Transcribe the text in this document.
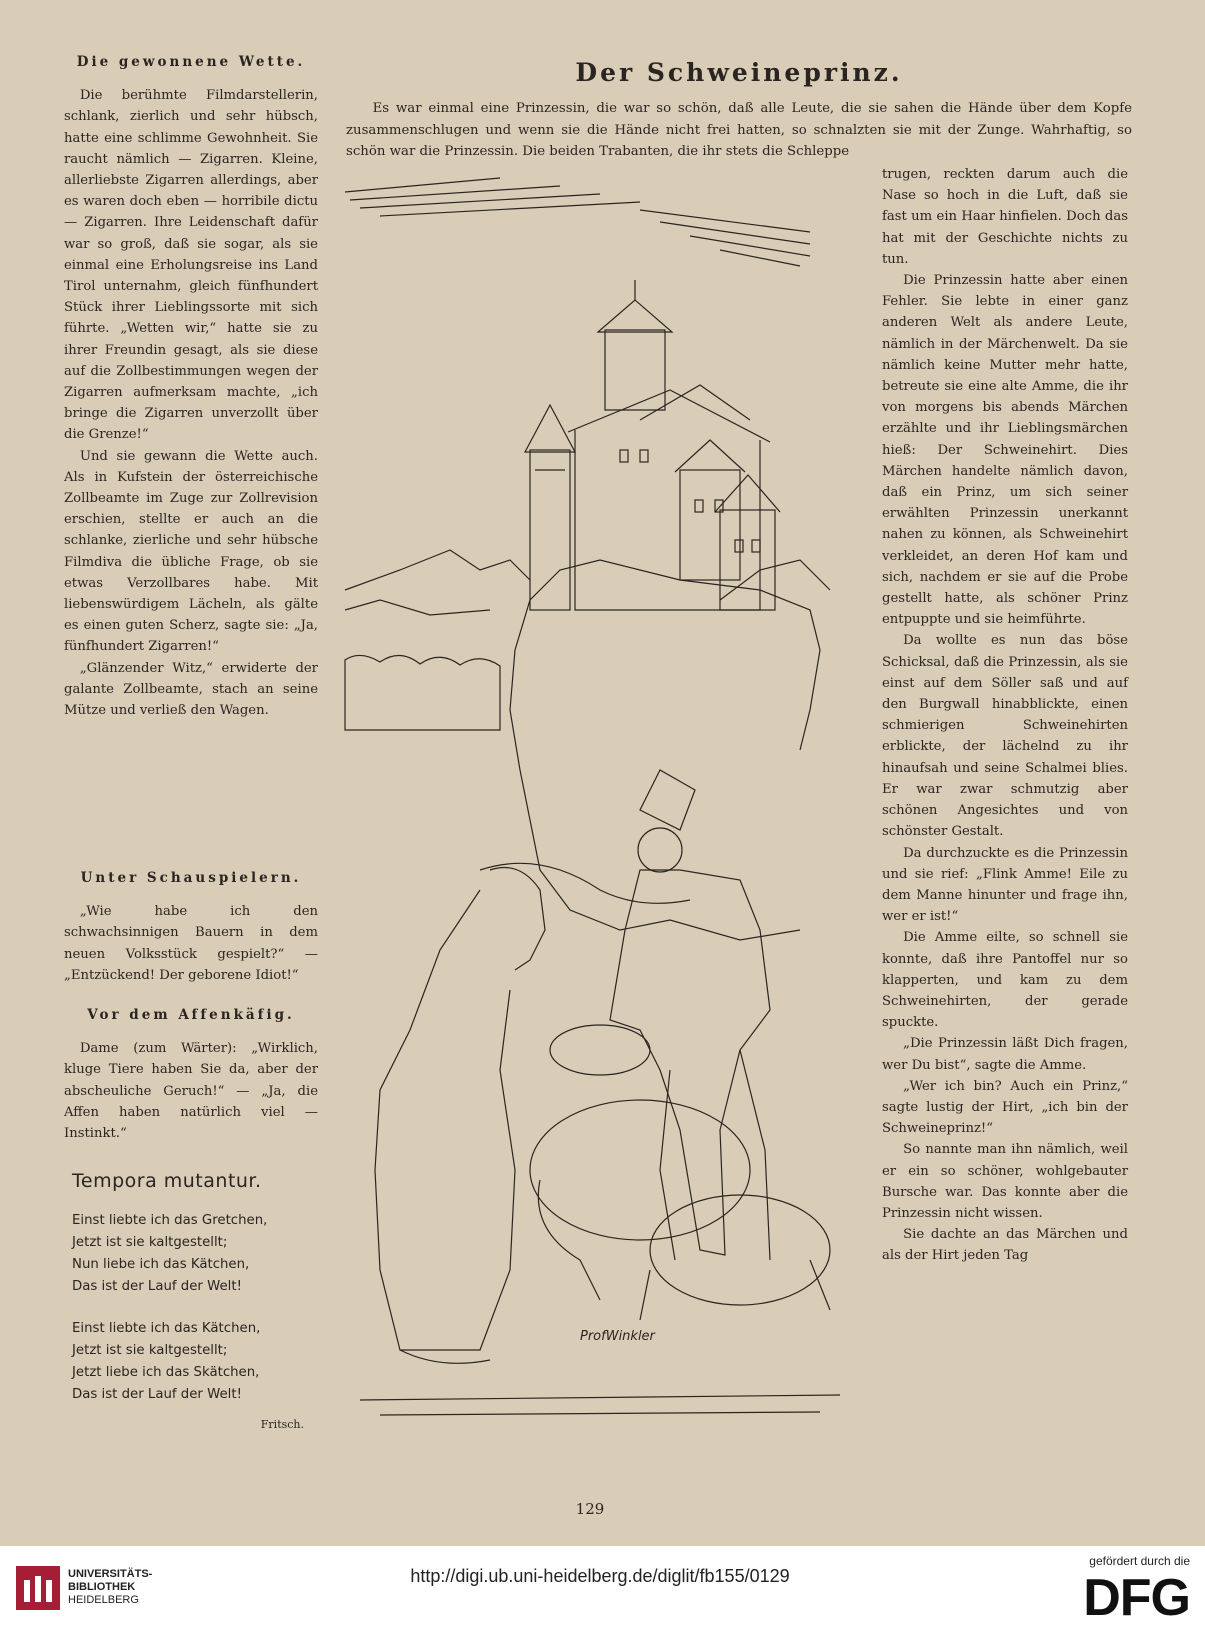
Die gewonnene Wette.

Die berühmte Filmdarstellerin, schlank, zierlich und sehr hübsch, hatte eine schlimme Gewohnheit. Sie raucht nämlich — Zigarren. Kleine, allerliebste Zigarren allerdings, aber es waren doch eben — horribile dictu — Zigarren. Ihre Leidenschaft dafür war so groß, daß sie sogar, als sie einmal eine Erholungsreise ins Land Tirol unternahm, gleich fünfhundert Stück ihrer Lieblingssorte mit sich führte. „Wetten wir,“ hatte sie zu ihrer Freundin gesagt, als sie diese auf die Zollbestimmungen wegen der Zigarren aufmerksam machte, „ich bringe die Zigarren unverzollt über die Grenze!“

Und sie gewann die Wette auch. Als in Kufstein der österreichische Zollbeamte im Zuge zur Zollrevision erschien, stellte er auch an die schlanke, zierliche und sehr hübsche Filmdiva die übliche Frage, ob sie etwas Verzollbares habe. Mit liebenswürdigem Lächeln, als gälte es einen guten Scherz, sagte sie: „Ja, fünfhundert Zigarren!“

„Glänzender Witz,“ erwiderte der galante Zollbeamte, stach an seine Mütze und verließ den Wagen.

Unter Schauspielern.

„Wie habe ich den schwachsinnigen Bauern in dem neuen Volksstück gespielt?“ — „Entzückend! Der geborene Idiot!“

Vor dem Affenkäfig.

Dame (zum Wärter): „Wirklich, kluge Tiere haben Sie da, aber der abscheuliche Geruch!“ — „Ja, die Affen haben natürlich viel — Instinkt.“

Tempora mutantur.
Einst liebte ich das Gretchen,
Jetzt ist sie kaltgestellt;
Nun liebe ich das Kätchen,
Das ist der Lauf der Welt!
Einst liebte ich das Kätchen,
Jetzt ist sie kaltgestellt;
Jetzt liebe ich das Skätchen,
Das ist der Lauf der Welt!
Fritsch.
Der Schweineprinz.
Es war einmal eine Prinzessin, die war so schön, daß alle Leute, die sie sahen die Hände über dem Kopfe zusammenschlugen und wenn sie die Hände nicht frei hatten, so schnalzten sie mit der Zunge. Wahrhaftig, so schön war die Prinzessin. Die beiden Trabanten, die ihr stets die Schleppe

trugen, reckten darum auch die Nase so hoch in die Luft, daß sie fast um ein Haar hinfielen. Doch das hat mit der Geschichte nichts zu tun.

Die Prinzessin hatte aber einen Fehler. Sie lebte in einer ganz anderen Welt als andere Leute, nämlich in der Märchenwelt. Da sie nämlich keine Mutter mehr hatte, betreute sie eine alte Amme, die ihr von morgens bis abends Märchen erzählte und ihr Lieblingsmärchen hieß: Der Schweinehirt. Dies Märchen handelte nämlich davon, daß ein Prinz, um sich seiner erwählten Prinzessin unerkannt nahen zu können, als Schweinehirt verkleidet, an deren Hof kam und sich, nachdem er sie auf die Probe gestellt hatte, als schöner Prinz entpuppte und sie heimführte.

Da wollte es nun das böse Schicksal, daß die Prinzessin, als sie einst auf dem Söller saß und auf den Burgwall hinabblickte, einen schmierigen Schweinehirten erblickte, der lächelnd zu ihr hinaufsah und seine Schalmei blies. Er war zwar schmutzig aber schönen Angesichtes und von schönster Gestalt.

Da durchzuckte es die Prinzessin und sie rief: „Flink Amme! Eile zu dem Manne hinunter und frage ihn, wer er ist!“

Die Amme eilte, so schnell sie konnte, daß ihre Pantoffel nur so klapperten, und kam zu dem Schweinehirten, der gerade spuckte.

„Die Prinzessin läßt Dich fragen, wer Du bist“, sagte die Amme.

„Wer ich bin? Auch ein Prinz,“ sagte lustig der Hirt, „ich bin der Schweineprinz!“

So nannte man ihn nämlich, weil er ein so schöner, wohlgebauter Bursche war. Das konnte aber die Prinzessin nicht wissen.

Sie dachte an das Märchen und als der Hirt jeden Tag

ProfWinkler
129
UNIVERSITÄTS-
BIBLIOTHEK
HEIDELBERG
http://digi.ub.uni-heidelberg.de/diglit/fb155/0129
gefördert durch die
DFG
